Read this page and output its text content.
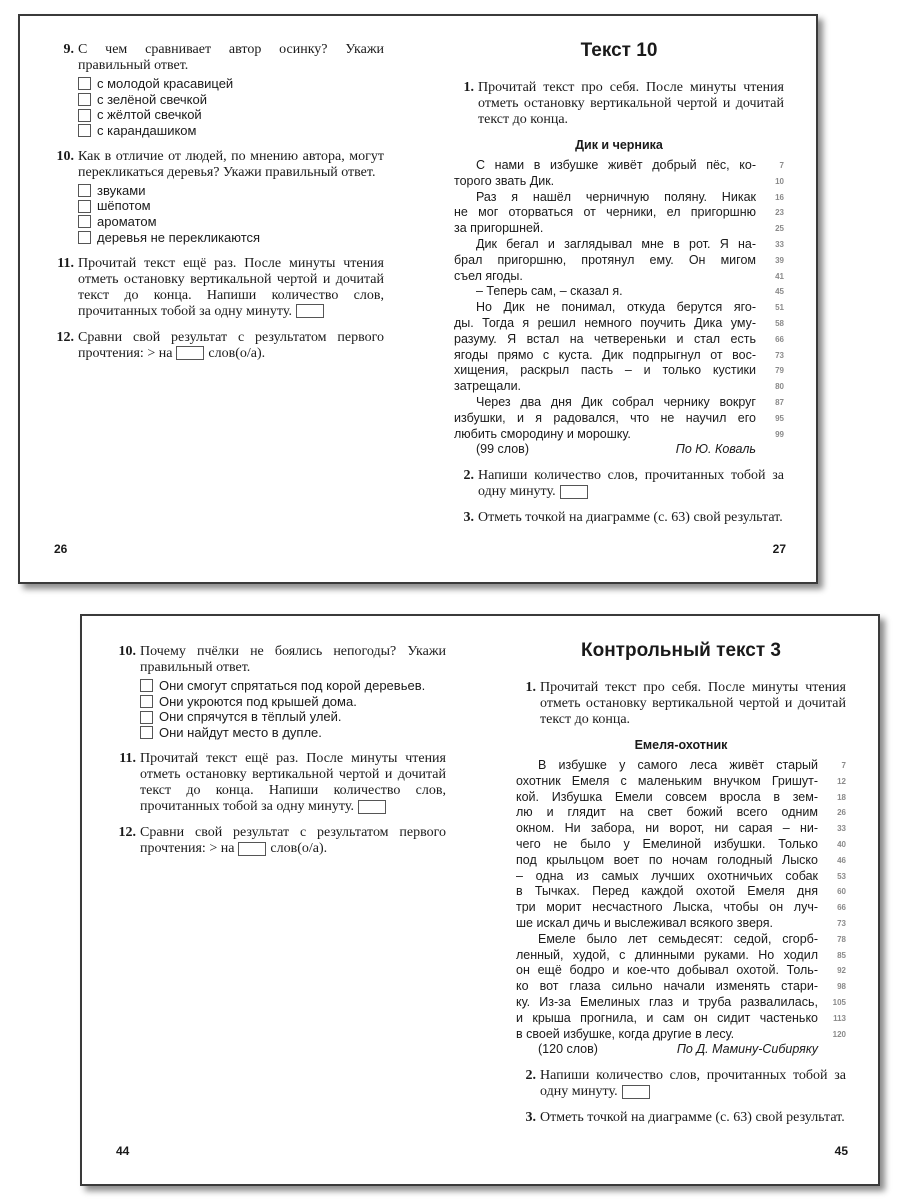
9. С чем сравнивает автор осинку? Укажи правильный ответ.
с молодой красавицей
с зелёной свечкой
с жёлтой свечкой
с карандашиком
10. Как в отличие от людей, по мнению автора, могут перекликаться деревья? Укажи правильный ответ.
звуками
шёпотом
ароматом
деревья не перекликаются
11. Прочитай текст ещё раз. После минуты чтения отметь остановку вертикальной чертой и дочитай текст до конца. Напиши количество слов, прочитанных тобой за одну минуту.
12. Сравни свой результат с результатом первого прочтения: > на	слов(о/а).
26
Текст 10
1. Прочитай текст про себя. После минуты чтения отметь остановку вертикальной чертой и дочитай текст до конца.
Дик и черника
С нами в избушке живёт добрый пёс, ко-	7
торого звать Дик.	10
Раз я нашёл черничную поляну. Никак	16
не мог оторваться от черники, ел пригоршню	23
за пригоршней.	25
Дик бегал и заглядывал мне в рот. Я на-	33
брал пригоршню, протянул ему. Он мигом	39
съел ягоды.	41
– Теперь сам, – сказал я.	45
Но Дик не понимал, откуда берутся яго-	51
ды. Тогда я решил немного поучить Дика уму-	58
разуму. Я встал на четвереньки и стал есть	66
ягоды прямо с куста. Дик подпрыгнул от вос-	73
хищения, раскрыл пасть – и только кустики	79
затрещали.	80
Через два дня Дик собрал чернику вокруг	87
избушки, и я радовался, что не научил его	95
любить смородину и морошку.	99
(99 слов)	По Ю. Коваль
2. Напиши количество слов, прочитанных тобой за одну минуту.
3. Отметь точкой на диаграмме (с. 63) свой результат.
27
10. Почему пчёлки не боялись непогоды? Укажи правильный ответ.
Они смогут спрятаться под корой деревьев.
Они укроются под крышей дома.
Они спрячутся в тёплый улей.
Они найдут место в дупле.
11. Прочитай текст ещё раз. После минуты чтения отметь остановку вертикальной чертой и дочитай текст до конца. Напиши количество слов, прочитанных тобой за одну минуту.
12. Сравни свой результат с результатом первого прочтения: > на	слов(о/а).
44
Контрольный текст 3
1. Прочитай текст про себя. После минуты чтения отметь остановку вертикальной чертой и дочитай текст до конца.
Емеля-охотник
В избушке у самого леса живёт старый	7
охотник Емеля с маленьким внучком Гришут-	12
кой. Избушка Емели совсем вросла в зем-	18
лю и глядит на свет божий всего одним	26
окном. Ни забора, ни ворот, ни сарая – ни-	33
чего не было у Емелиной избушки. Только	40
под крыльцом воет по ночам голодный Лыско	46
– одна из самых лучших охотничьих собак	53
в Тычках. Перед каждой охотой Емеля дня	60
три морит несчастного Лыска, чтобы он луч-	66
ше искал дичь и выслеживал всякого зверя.	73
Емеле было лет семьдесят: седой, сгорб-	78
ленный, худой, с длинными руками. Но ходил	85
он ещё бодро и кое-что добывал охотой. Толь-	92
ко вот глаза сильно начали изменять стари-	98
ку. Из-за Емелиных глаз и труба развалилась,	105
и крыша прогнила, и сам он сидит частенько	113
в своей избушке, когда другие в лесу.	120
(120 слов)	По Д. Мамину-Сибиряку
2. Напиши количество слов, прочитанных тобой за одну минуту.
3. Отметь точкой на диаграмме (с. 63) свой результат.
45
